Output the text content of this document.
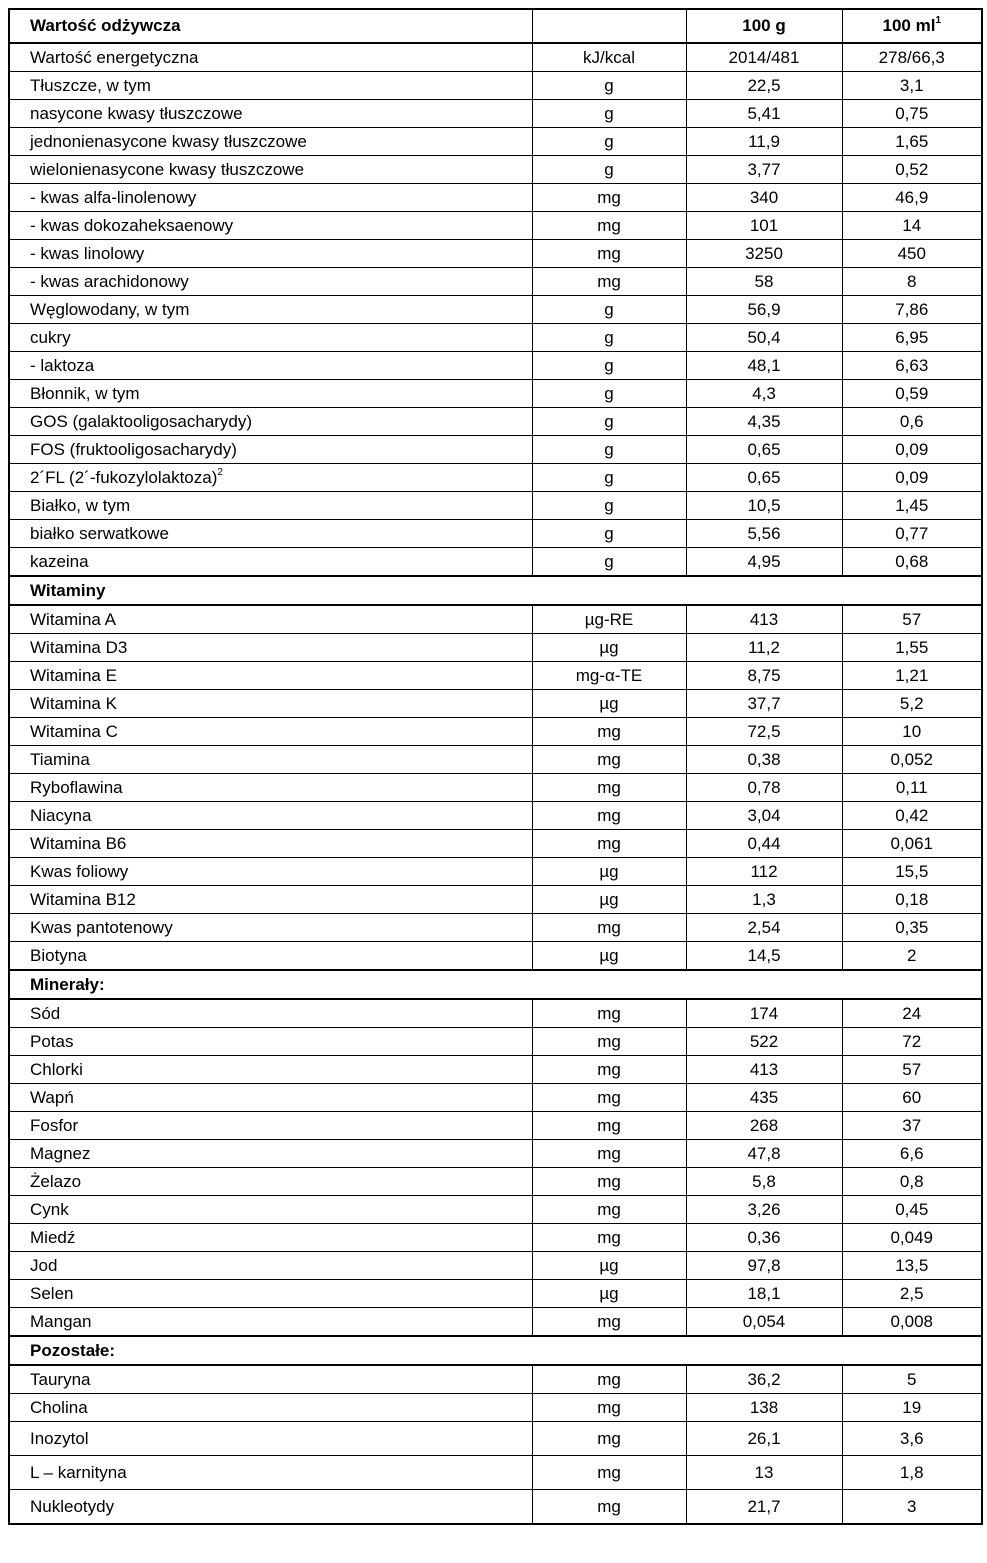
Wartość odżywcza		100 g	100 $ml^1$
Wartość energetyczna	kJ/kcal	2014/481	278/66,3
Tłuszcze, w tym	g	22,5	3,1
nasycone kwasy tłuszczowe	g	5,41	0,75
jednonienasycone kwasy tłuszczowe	g	11,9	1,65
wielonienasycone kwasy tłuszczowe	g	3,77	0,52
- kwas alfa-linolenowy	mg	340	46,9
- kwas dokozaheksaenowy	mg	101	14
- kwas linolowy	mg	3250	450
- kwas arachidonowy	mg	58	8
Węglowodany, w tym	g	56,9	7,86
cukry	g	50,4	6,95
- laktoza	g	48,1	6,63
Błonnik, w tym	g	4,3	0,59
GOS (galaktooligosacharydy)	g	4,35	0,6
FOS (fruktooligosacharydy)	g	0,65	0,09
2´FL (2´-fukozylolaktoza)$^2$	g	0,65	0,09
Białko, w tym	g	10,5	1,45
białko serwatkowe	g	5,56	0,77
kazeina	g	4,95	0,68
Witaminy			
Witamina A	µg-RE	413	57
Witamina D3	µg	11,2	1,55
Witamina E	mg-α-TE	8,75	1,21
Witamina K	µg	37,7	5,2
Witamina C	mg	72,5	10
Tiamina	mg	0,38	0,052
Ryboflawina	mg	0,78	0,11
Niacyna	mg	3,04	0,42
Witamina B6	mg	0,44	0,061
Kwas foliowy	µg	112	15,5
Witamina B12	µg	1,3	0,18
Kwas pantotenowy	mg	2,54	0,35
Biotyna	µg	14,5	2
Minerały:			
Sód	mg	174	24
Potas	mg	522	72
Chlorki	mg	413	57
Wapń	mg	435	60
Fosfor	mg	268	37
Magnez	mg	47,8	6,6
Żelazo	mg	5,8	0,8
Cynk	mg	3,26	0,45
Miedź	mg	0,36	0,049
Jod	µg	97,8	13,5
Selen	µg	18,1	2,5
Mangan	mg	0,054	0,008
Pozostałe:			
Tauryna	mg	36,2	5
Cholina	mg	138	19
Inozytol	mg	26,1	3,6
L – karnityna	mg	13	1,8
Nukleotydy	mg	21,7	3
